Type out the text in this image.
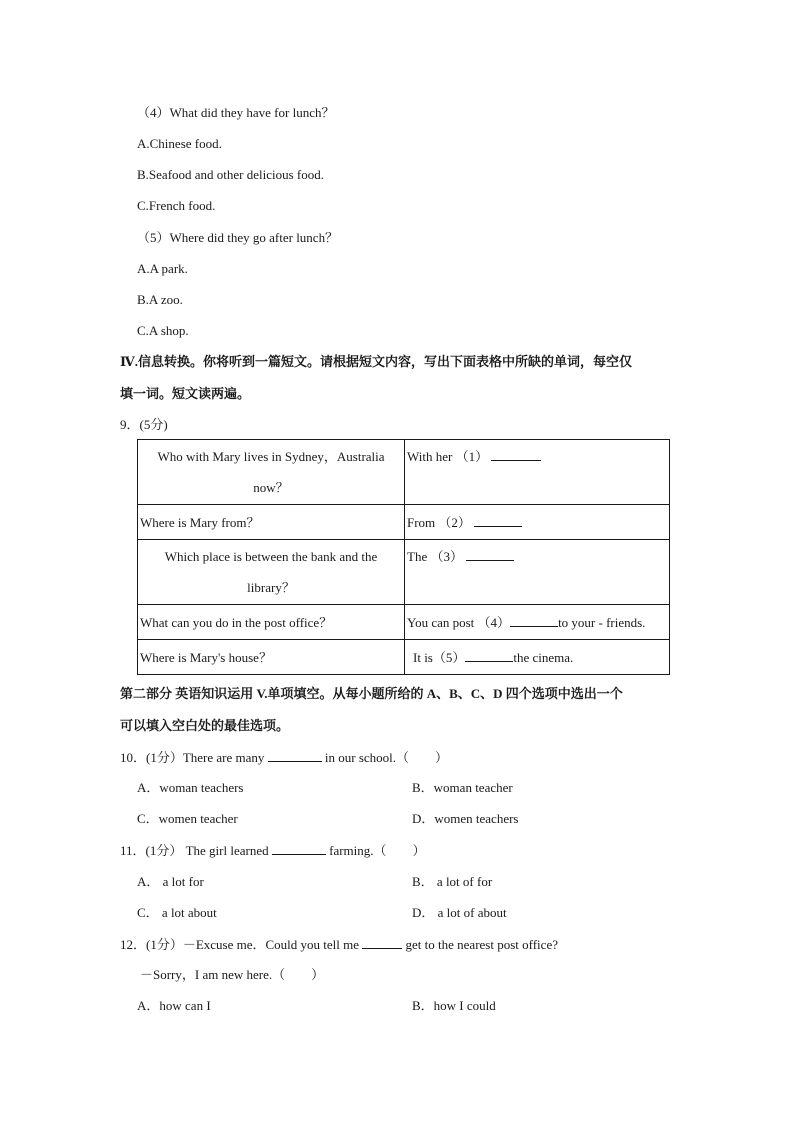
（4）What did they have for lunch？
A.Chinese food.
B.Seafood and other delicious food.
C.French food.
（5）Where did they go after lunch？
A.A park.
B.A zoo.
C.A shop.
Ⅳ.信息转换。你将听到一篇短文。请根据短文内容，写出下面表格中所缺的单词，每空仅
填一词。短文读两遍。
9．(5分)
Who with Mary lives in Sydney，Australia now？	With her （1）
Where is Mary from？	From （2）
Which place is between the bank and the library？	The （3）
What can you do in the post office？	You can post （4） to your - friends.
Where is Mary's house？	It is（5） the cinema.
第二部分 英语知识运用 V.单项填空。从每小题所给的 A、B、C、D 四个选项中选出一个
可以填入空白处的最佳选项。
10．(1分）There are many	in our school.（　　）
A．woman teachers	B．woman teacher
C．women teacher	D．women teachers
11．(1分） The girl learned	farming.（　　）
A． a lot for	B． a lot of for
C． a lot about	D． a lot of about
12．(1分）－Excuse me．Could you tell me	get to the nearest post office?
－Sorry，I am new here.（　　）
A．how can I	B．how I could
